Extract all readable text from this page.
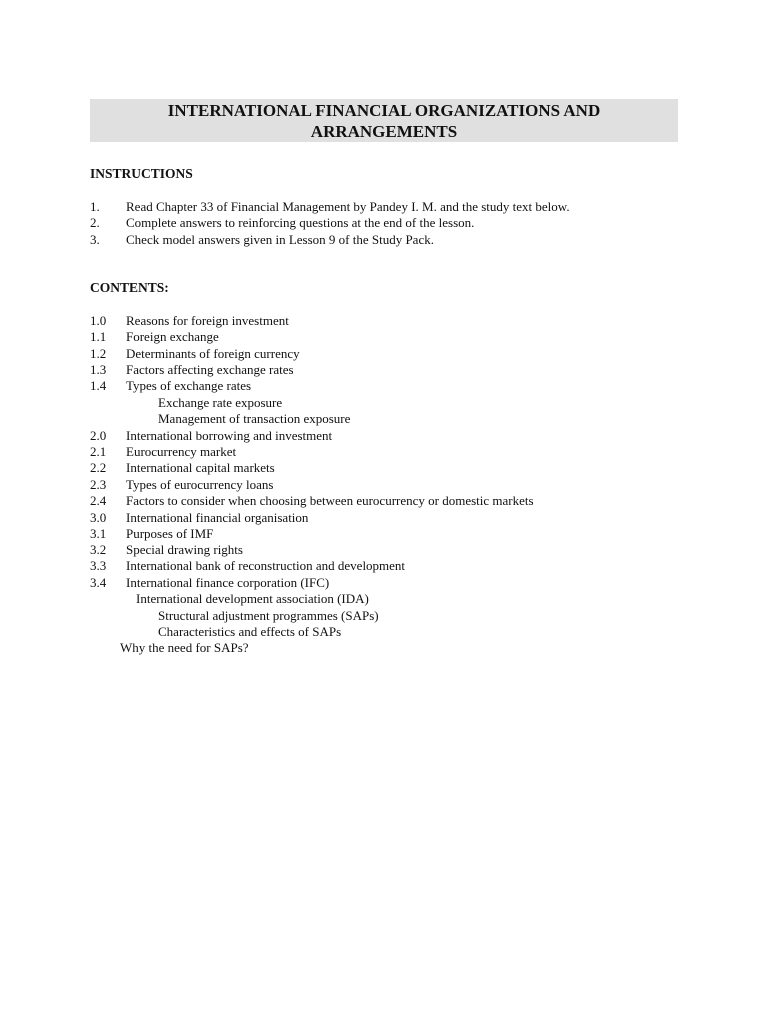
INTERNATIONAL FINANCIAL ORGANIZATIONS AND
ARRANGEMENTS
INSTRUCTIONS
1. Read Chapter 33 of Financial Management by Pandey I. M. and the study text below.
2. Complete answers to reinforcing questions at the end of the lesson.
3. Check model answers given in Lesson 9 of the Study Pack.
CONTENTS:
1.0 Reasons for foreign investment
1.1 Foreign exchange
1.2 Determinants of foreign currency
1.3 Factors affecting exchange rates
1.4 Types of exchange rates
Exchange rate exposure
Management of transaction exposure
2.0 International borrowing and investment
2.1 Eurocurrency market
2.2 International capital markets
2.3 Types of eurocurrency loans
2.4 Factors to consider when choosing between eurocurrency or domestic markets
3.0 International financial organisation
3.1 Purposes of IMF
3.2 Special drawing rights
3.3 International bank of reconstruction and development
3.4 International finance corporation (IFC)
International development association (IDA)
Structural adjustment programmes (SAPs)
Characteristics and effects of SAPs
Why the need for SAPs?
